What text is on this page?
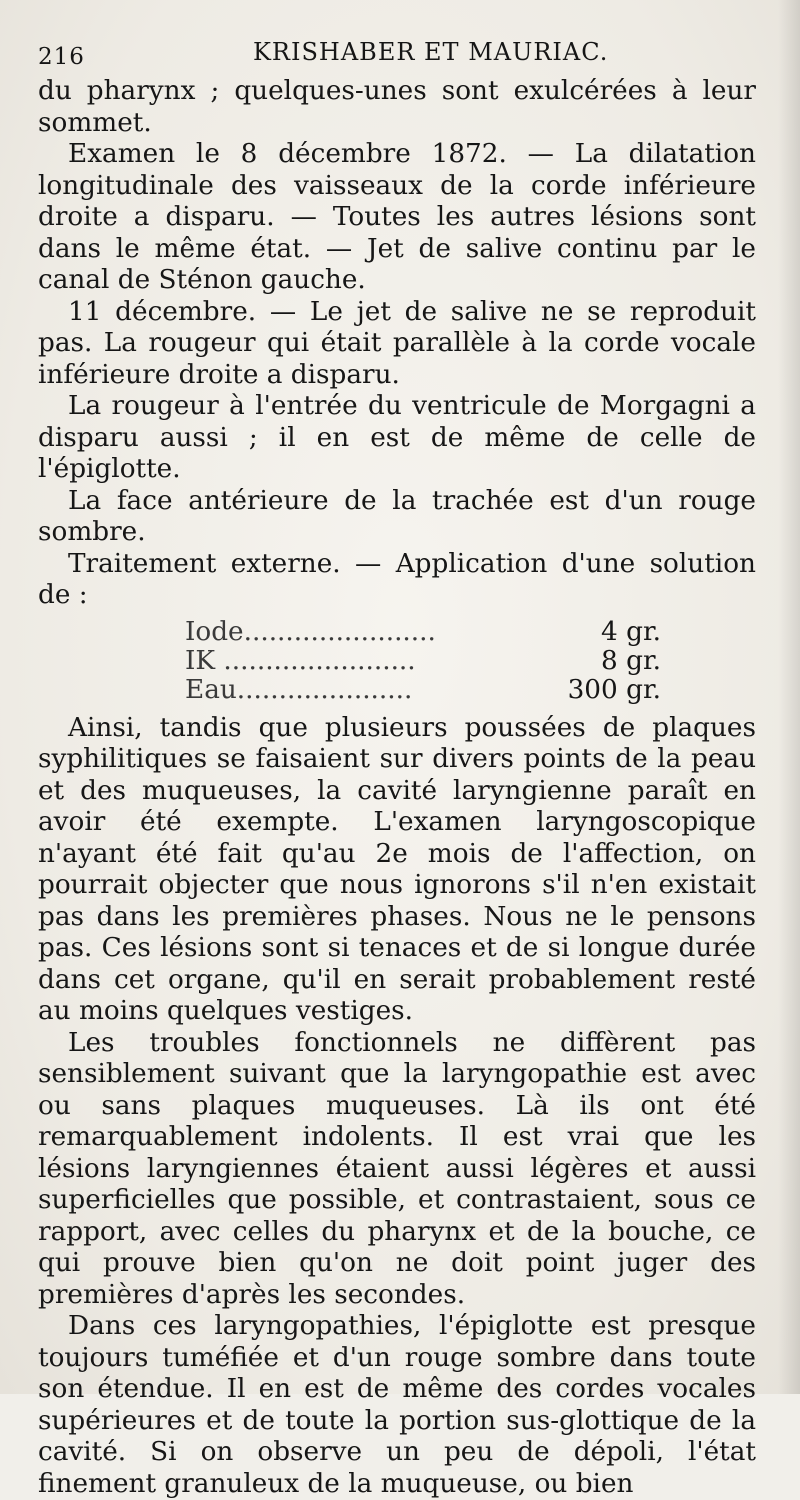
216	KRISHABER ET MAURIAC.

du pharynx ; quelques-unes sont exulcérées à leur sommet.

Examen le 8 décembre 1872. — La dilatation longitudinale des vaisseaux de la corde inférieure droite a disparu. — Toutes les autres lésions sont dans le même état. — Jet de salive continu par le canal de Sténon gauche.

11 décembre. — Le jet de salive ne se reproduit pas. La rougeur qui était parallèle à la corde vocale inférieure droite a disparu.

La rougeur à l'entrée du ventricule de Morgagni a disparu aussi ; il en est de même de celle de l'épiglotte.

La face antérieure de la trachée est d'un rouge sombre.

Traitement externe. — Application d'une solution de :

Iode.......................	4 gr.
IK .......................	8 gr.
Eau.....................	300 gr.

Ainsi, tandis que plusieurs poussées de plaques syphilitiques se faisaient sur divers points de la peau et des muqueuses, la cavité laryngienne paraît en avoir été exempte. L'examen laryngoscopique n'ayant été fait qu'au 2e mois de l'affection, on pourrait objecter que nous ignorons s'il n'en existait pas dans les premières phases. Nous ne le pensons pas. Ces lésions sont si tenaces et de si longue durée dans cet organe, qu'il en serait probablement resté au moins quelques vestiges.

Les troubles fonctionnels ne diffèrent pas sensiblement suivant que la laryngopathie est avec ou sans plaques muqueuses. Là ils ont été remarquablement indolents. Il est vrai que les lésions laryngiennes étaient aussi légères et aussi superficielles que possible, et contrastaient, sous ce rapport, avec celles du pharynx et de la bouche, ce qui prouve bien qu'on ne doit point juger des premières d'après les secondes.

Dans ces laryngopathies, l'épiglotte est presque toujours tuméfiée et d'un rouge sombre dans toute son étendue. Il en est de même des cordes vocales supérieures et de toute la portion sus-glottique de la cavité. Si on observe un peu de dépoli, l'état finement granuleux de la muqueuse, ou bien
